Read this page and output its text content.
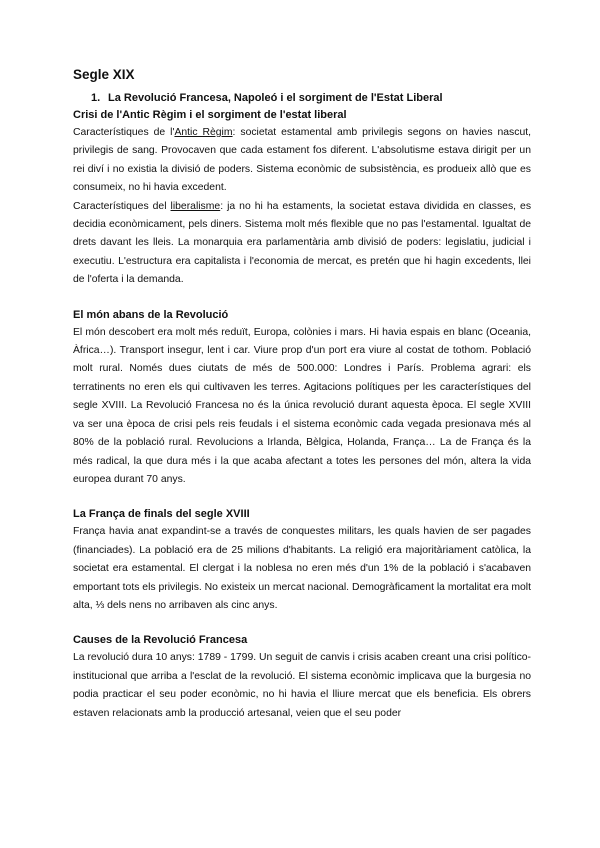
Segle XIX
1. La Revolució Francesa, Napoleó i el sorgiment de l'Estat Liberal
Crisi de l'Antic Règim i el sorgiment de l'estat liberal

Característiques de l'Antic Règim: societat estamental amb privilegis segons on havies nascut, privilegis de sang. Provocaven que cada estament fos diferent. L'absolutisme estava dirigit per un rei diví i no existia la divisió de poders. Sistema econòmic de subsistència, es produeix allò que es consumeix, no hi havia excedent.

Característiques del liberalisme: ja no hi ha estaments, la societat estava dividida en classes, es decidia econòmicament, pels diners. Sistema molt més flexible que no pas l'estamental. Igualtat de drets davant les lleis. La monarquia era parlamentària amb divisió de poders: legislatiu, judicial i executiu. L'estructura era capitalista i l'economia de mercat, es pretén que hi hagin excedents, llei de l'oferta i la demanda.

El món abans de la Revolució

El món descobert era molt més reduït, Europa, colònies i mars. Hi havia espais en blanc (Oceania, Àfrica…). Transport insegur, lent i car. Viure prop d'un port era viure al costat de tothom. Població molt rural. Només dues ciutats de més de 500.000: Londres i París. Problema agrari: els terratinents no eren els qui cultivaven les terres. Agitacions polítiques per les característiques del segle XVIII. La Revolució Francesa no és la única revolució durant aquesta època. El segle XVIII va ser una època de crisi pels reis feudals i el sistema econòmic cada vegada presionava més al 80% de la població rural. Revolucions a Irlanda, Bèlgica, Holanda, França… La de França és la més radical, la que dura més i la que acaba afectant a totes les persones del món, altera la vida europea durant 70 anys.

La França de finals del segle XVIII

França havia anat expandint-se a través de conquestes militars, les quals havien de ser pagades (financiades). La població era de 25 milions d'habitants. La religió era majoritàriament catòlica, la societat era estamental. El clergat i la noblesa no eren més d'un 1% de la població i s'acabaven emportant tots els privilegis. No existeix un mercat nacional. Demogràficament la mortalitat era molt alta, ⅓ dels nens no arribaven als cinc anys.

Causes de la Revolució Francesa

La revolució dura 10 anys: 1789 - 1799. Un seguit de canvis i crisis acaben creant una crisi político-institucional que arriba a l'esclat de la revolució. El sistema econòmic implicava que la burgesia no podia practicar el seu poder econòmic, no hi havia el lliure mercat que els beneficia. Els obrers estaven relacionats amb la producció artesanal, veien que el seu poder
